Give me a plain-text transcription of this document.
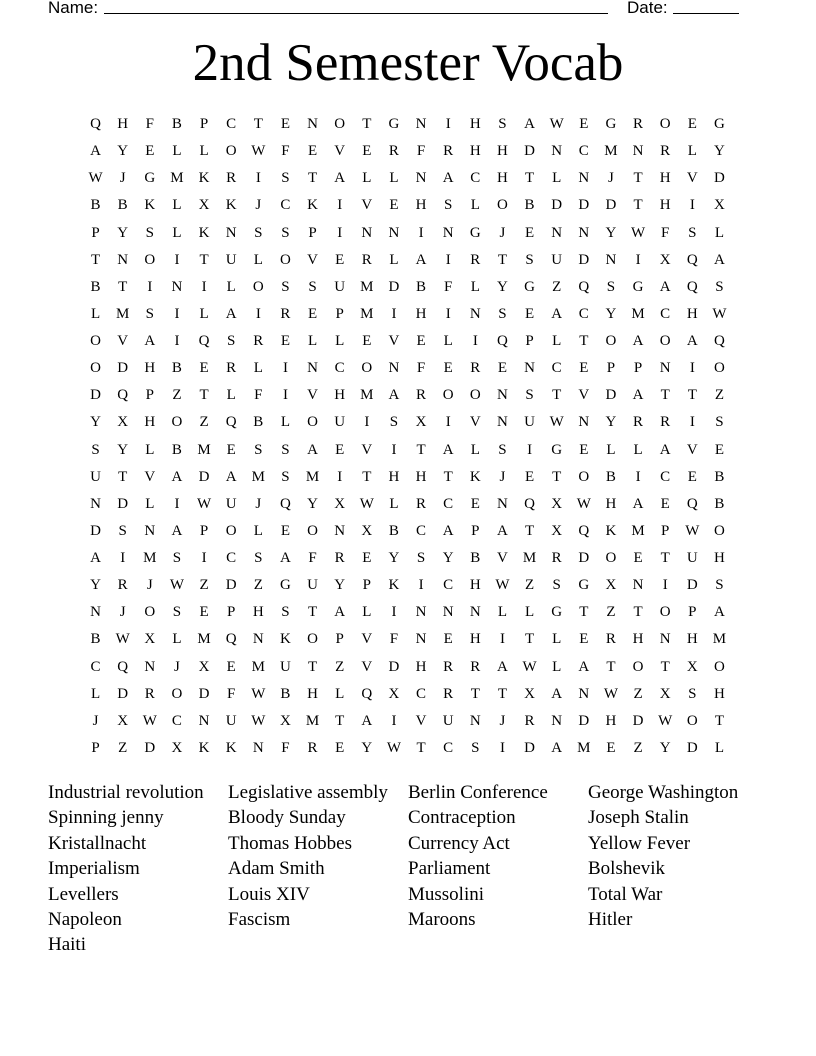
Name:	Date:
2nd Semester Vocab
Q	H	F	B	P	C	T	E	N	O	T	G	N	I	H	S	A W	E	G	R	O	E	G
A	Y	E	L	L	O W	F	E	V	E	R	F	R	H	H	D	N	C	M	N	R	L	Y
W	J	G	M	K	R	I	S	T	A	L	L	N	A	C	H	T	L	N	J	T	H	V	D
B	B	K	L	X	K	J	C	K	I	V	E	H	S	L	O	B	D	D	D	T	H	I	X
P	Y	S	L	K	N	S	S	P	I	N	N	I	N	G	J	E	N	N	Y W	F	S	L
T	N	O	I	T	U	L	O	V	E	R	L	A	I	R	T	S	U	D	N	I	X	Q	A
B	T	I	N	I	L	O	S	S	U	M	D	B	F	L	Y	G	Z	Q	S	G	A	Q	S
L	M	S	I	L	A	I	R	E	P	M	I	H	I	N	S	E	A	C	Y	M	C	H W
O	V	A	I	Q	S	R	E	L	L	E	V	E	L	I	Q	P	L	T	O	A	O	A	Q
O	D	H	B	E	R	L	I	N	C	O	N	F	E	R	E	N	C	E	P	P	N	I	O
D	Q	P	Z	T	L	F	I	V	H	M	A	R	O	O	N	S	T	V	D	A	T	T	Z
Y	X	H	O	Z	Q	B	L	O	U	I	S	X	I	V	N	U W N	Y	R	R	I	S
S	Y	L	B	M	E	S	S	A	E	V	I	T	A	L	S	I	G	E	L	L	A	V	E
U	T	V	A	D	A	M	S	M	I	T	H	H	T	K	J	E	T	O	B	I	C	E	B
N	D	L	I	W U	J	Q	Y	X W	L	R	C	E	N	Q	X W H	A	E	Q	B
D	S	N	A	P	O	L	E	O	N	X	B	C	A	P	A	T	X	Q	K	M	P	W O
A	I	M	S	I	C	S	A	F	R	E	Y	S	Y	B	V	M	R	D	O	E	T	U	H
Y	R	J	W	Z	D	Z	G	U	Y	P	K	I	C	H W	Z	S	G	X	N	I	D	S
N	J	O	S	E	P	H	S	T	A	L	I	N	N	N	L	L	G	T	Z	T	O	P	A
B	W X	L	M	Q	N	K	O	P	V	F	N	E	H	I	T	L	E	R	H	N	H	M
C	Q	N	J	X	E	M	U	T	Z	V	D	H	R	R	A W	L	A	T	O	T	X	O
L	D	R	O	D	F	W	B	H	L	Q	X	C	R	T	T	X	A	N W	Z	X	S	H
J	X W	C	N	U W X	M	T	A	I	V	U	N	J	R	N	D	H	D W O	T
P	Z	D	X	K	K	N	F	R	E	Y W	T	C	S	I	D	A	M	E	Z	Y	D	L
Industrial revolution
Spinning jenny
Kristallnacht
Imperialism
Levellers
Napoleon
Haiti
Legislative assembly
Bloody Sunday
Thomas Hobbes
Adam Smith
Louis XIV
Fascism
Berlin Conference
Contraception
Currency Act
Parliament
Mussolini
Maroons
George Washington
Joseph Stalin
Yellow Fever
Bolshevik
Total War
Hitler
